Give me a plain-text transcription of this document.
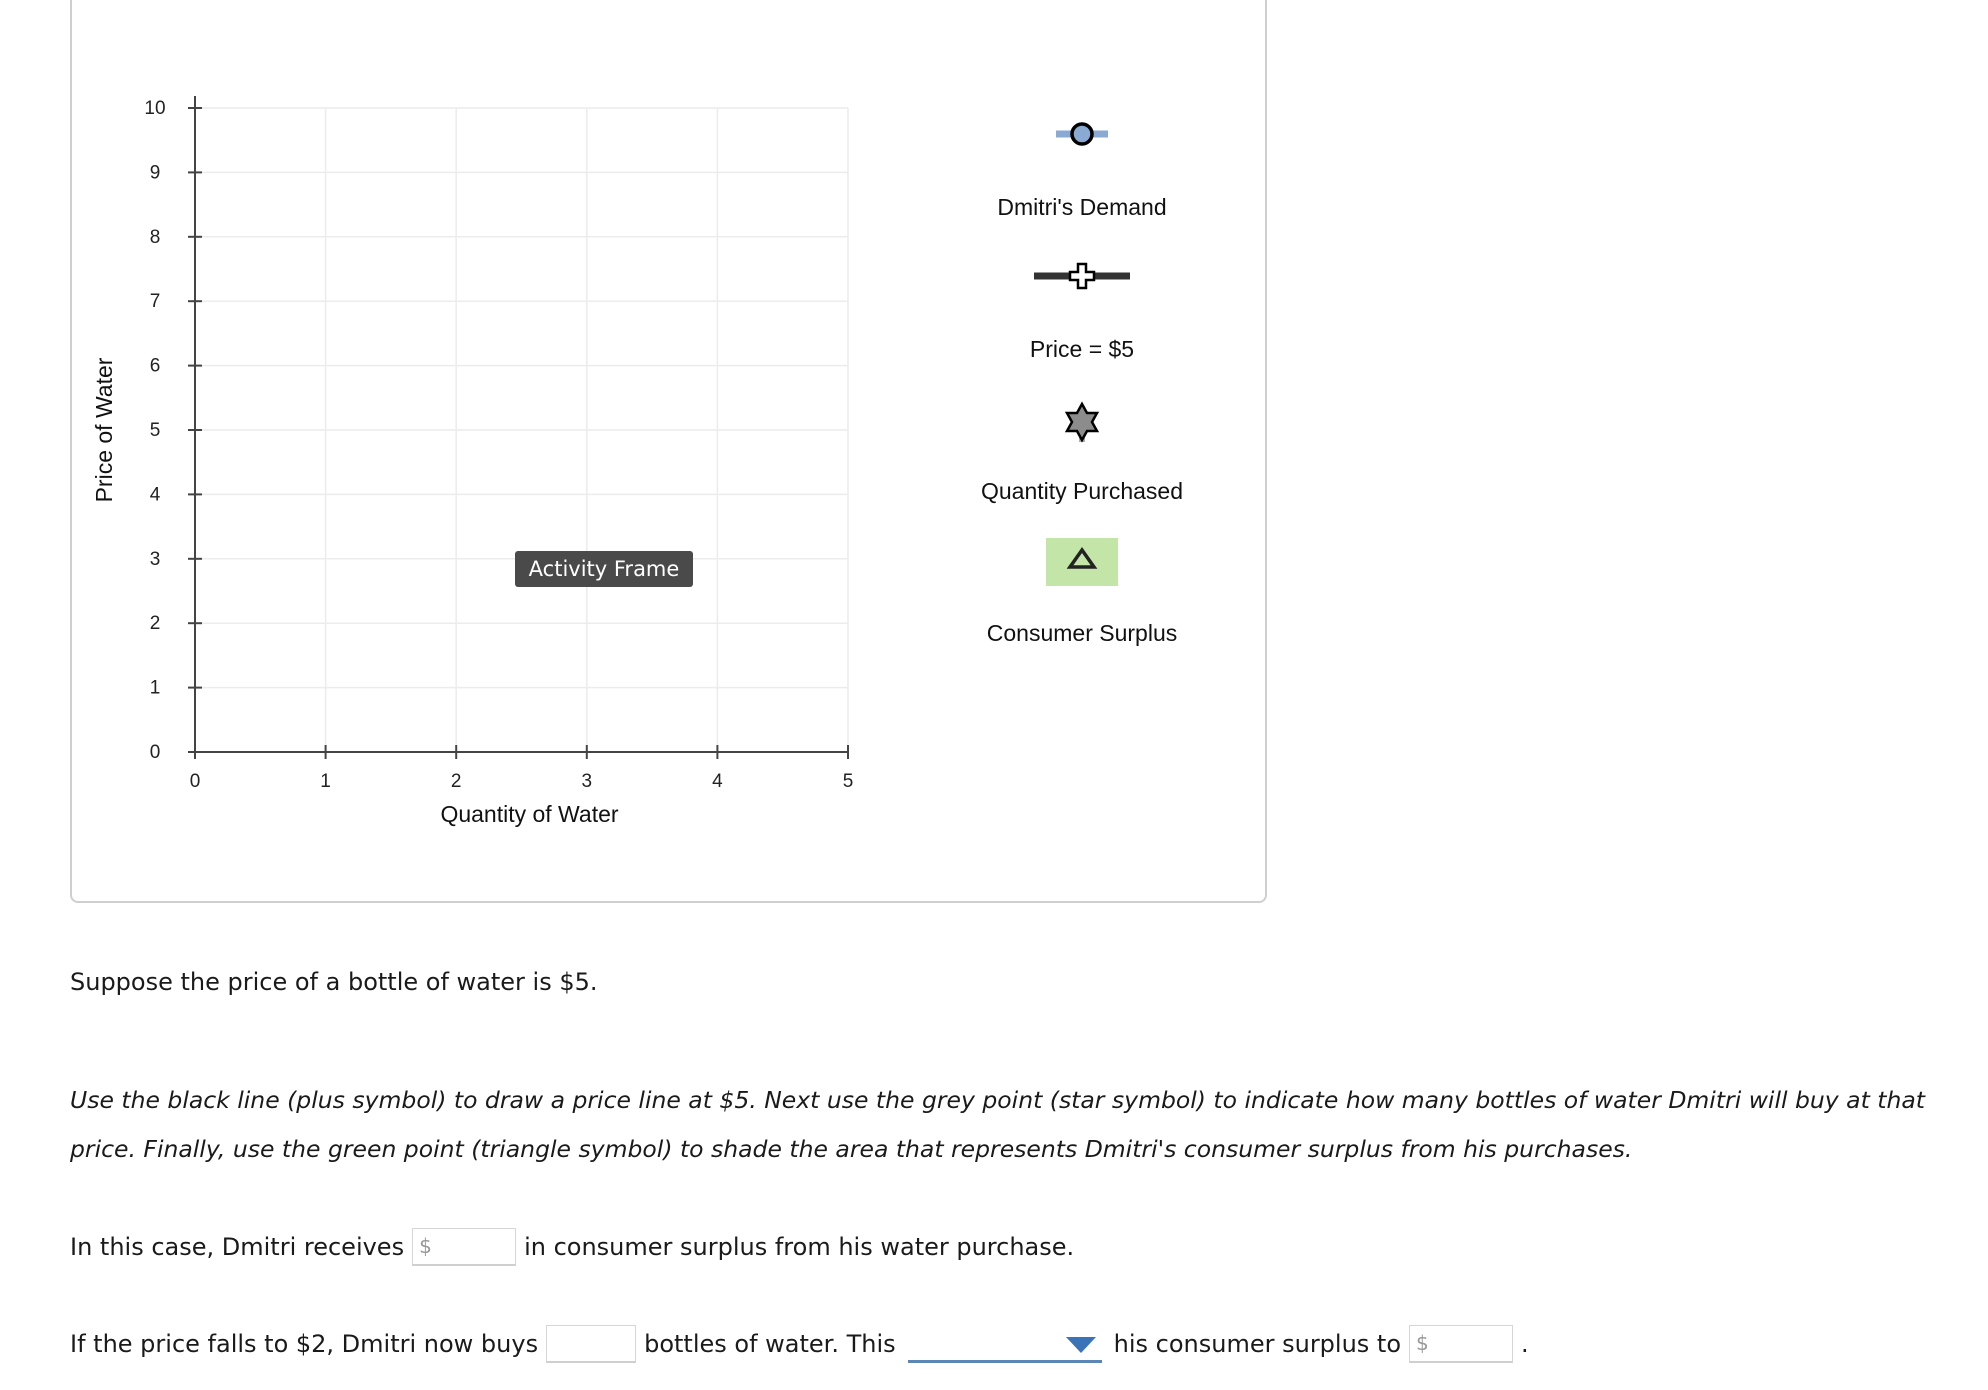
0
1
2
3
4
5
6
7
8
9
10
0	1	2	3	4	5
Quantity of Water
Price of Water
Dmitri's Demand
Price = $5
Quantity Purchased
Consumer Surplus
Activity Frame
Suppose the price of a bottle of water is $5.
Use the black line (plus symbol) to draw a price line at $5. Next use the grey point (star symbol) to indicate how many bottles of water Dmitri will buy at that price. Finally, use the green point (triangle symbol) to shade the area that represents Dmitri's consumer surplus from his purchases.
In this case, Dmitri receives $	in consumer surplus from his water purchase.
If the price falls to $2, Dmitri now buys	bottles of water. This	his consumer surplus to $	.
